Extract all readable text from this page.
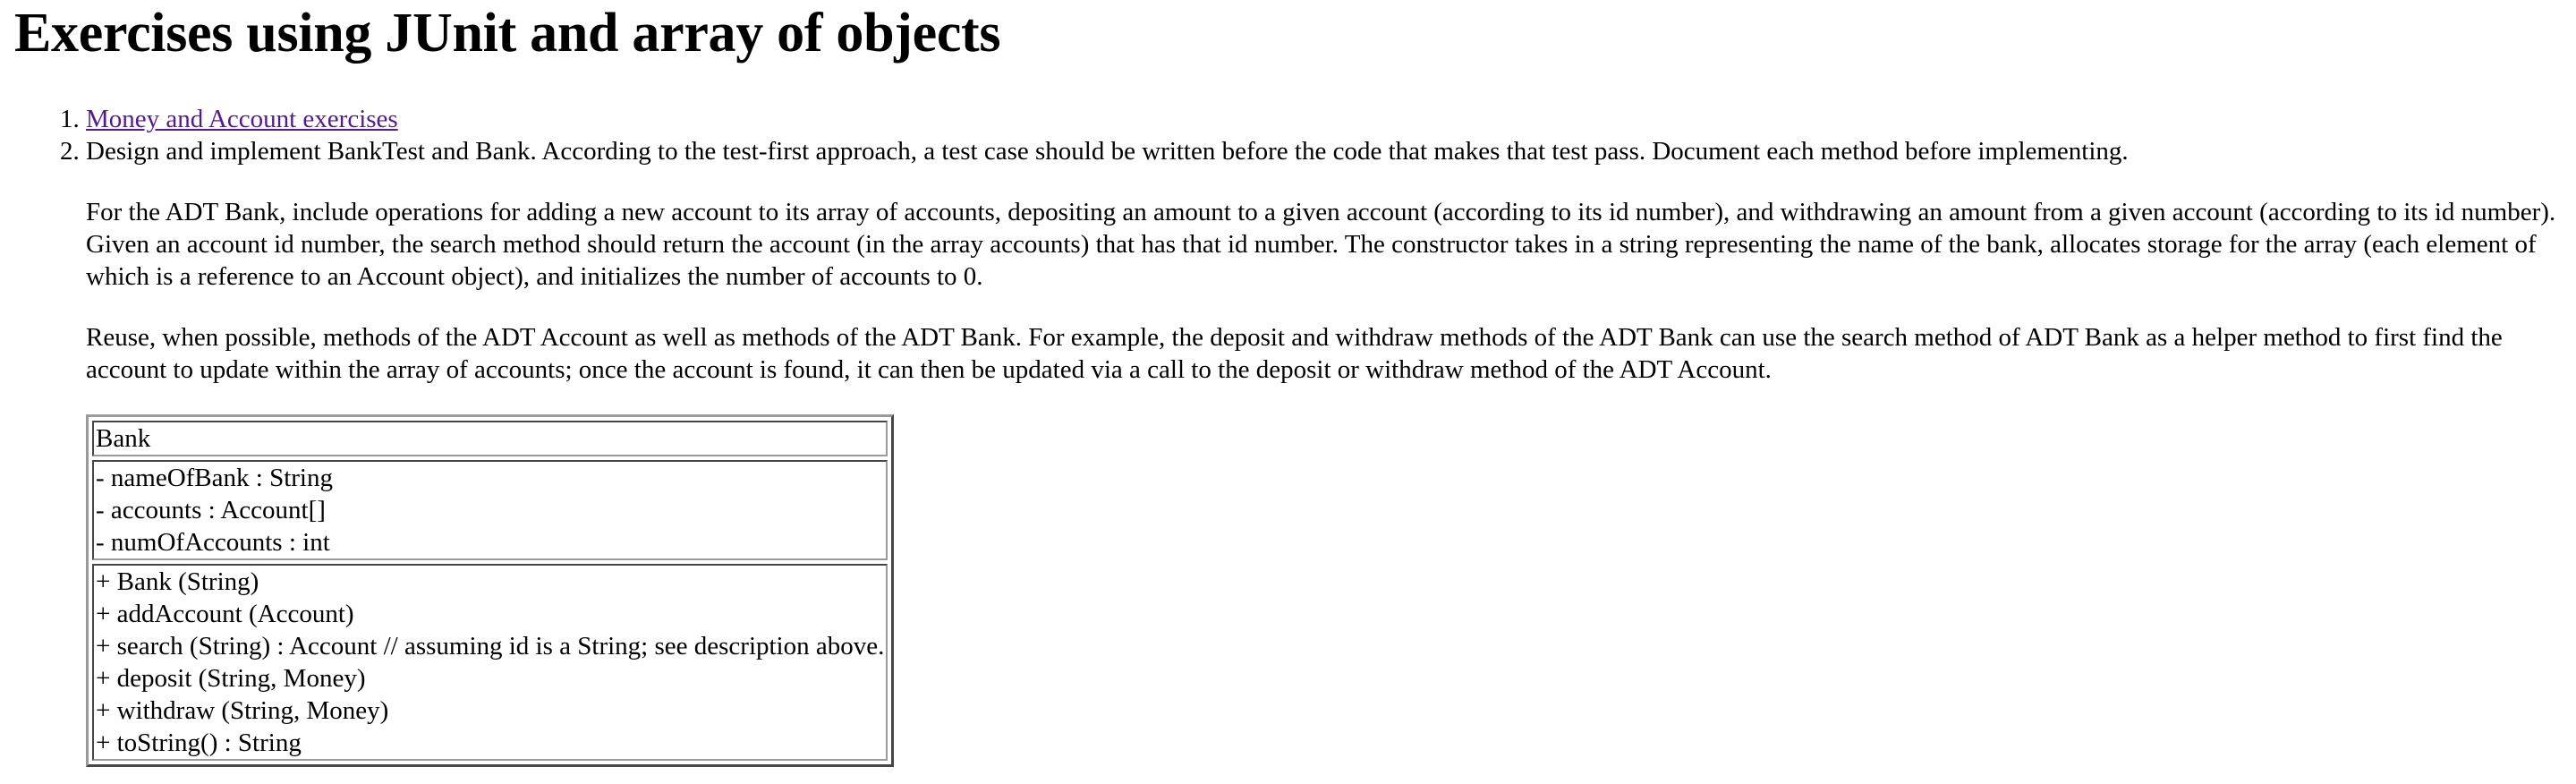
Exercises using JUnit and array of objects
1. Money and Account exercises
2. Design and implement BankTest and Bank. According to the test-first approach, a test case should be written before the code that makes that test pass. Document each method before implementing.

For the ADT Bank, include operations for adding a new account to its array of accounts, depositing an amount to a given account (according to its id number), and withdrawing an amount from a given account (according to its id number). Given an account id number, the search method should return the account (in the array accounts) that has that id number. The constructor takes in a string representing the name of the bank, allocates storage for the array (each element of which is a reference to an Account object), and initializes the number of accounts to 0.

Reuse, when possible, methods of the ADT Account as well as methods of the ADT Bank. For example, the deposit and withdraw methods of the ADT Bank can use the search method of ADT Bank as a helper method to first find the account to update within the array of accounts; once the account is found, it can then be updated via a call to the deposit or withdraw method of the ADT Account.

Bank

- nameOfBank : String
- accounts : Account[]
- numOfAccounts : int

+ Bank (String)
+ addAccount (Account)
+ search (String) : Account // assuming id is a String; see description above.
+ deposit (String, Money)
+ withdraw (String, Money)
+ toString() : String
